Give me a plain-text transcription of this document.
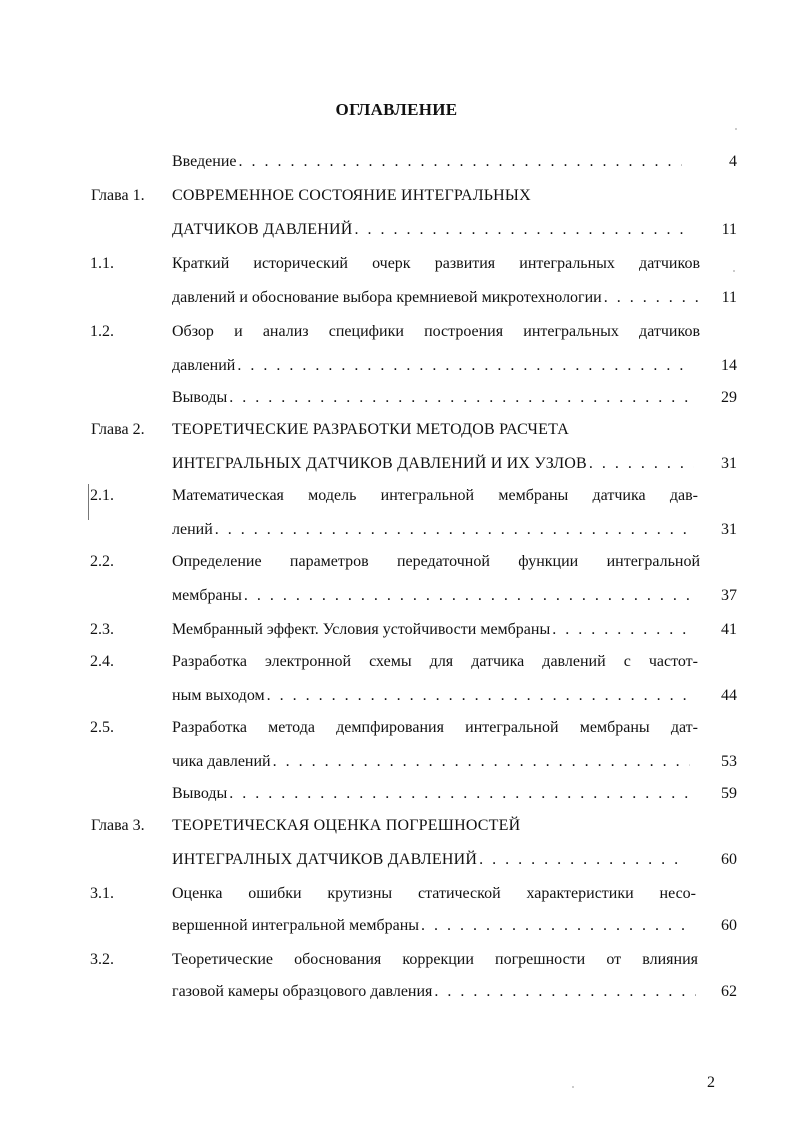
ОГЛАВЛЕНИЕ
Введение . . .	4
Глава 1. СОВРЕМЕННОЕ СОСТОЯНИЕ ИНТЕГРАЛЬНЫХ
ДАТЧИКОВ ДАВЛЕНИЙ . . .	11
1.1.	Краткий исторический очерк развития интегральных датчиков
давлений и обоснование выбора кремниевой микротехнологии . . .	11
1.2.	Обзор и анализ специфики построения интегральных датчиков
давлений . . .	14
Выводы . . .	29
Глава 2. ТЕОРЕТИЧЕСКИЕ РАЗРАБОТКИ МЕТОДОВ РАСЧЕТА
ИНТЕГРАЛЬНЫХ ДАТЧИКОВ ДАВЛЕНИЙ И ИХ УЗЛОВ . . .	31
2.1.	Математическая модель интегральной мембраны датчика дав-
лений . . .	31
2.2.	Определение параметров передаточной функции интегральной
мембраны . . .	37
2.3.	Мембранный эффект. Условия устойчивости мембраны . . .	41
2.4.	Разработка электронной схемы для датчика давлений с частот-
ным выходом . . .	44
2.5.	Разработка метода демпфирования интегральной мембраны дат-
чика давлений . . .	53
Выводы . . .	59
Глава 3. ТЕОРЕТИЧЕСКАЯ ОЦЕНКА ПОГРЕШНОСТЕЙ
ИНТЕГРАЛНЫХ ДАТЧИКОВ ДАВЛЕНИЙ . . .	60
3.1.	Оценка ошибки крутизны статической характеристики несо-
вершенной интегральной мембраны . . .	60
3.2.	Теоретические обоснования коррекции погрешности от влияния
газовой камеры образцового давления . . .	62
2
